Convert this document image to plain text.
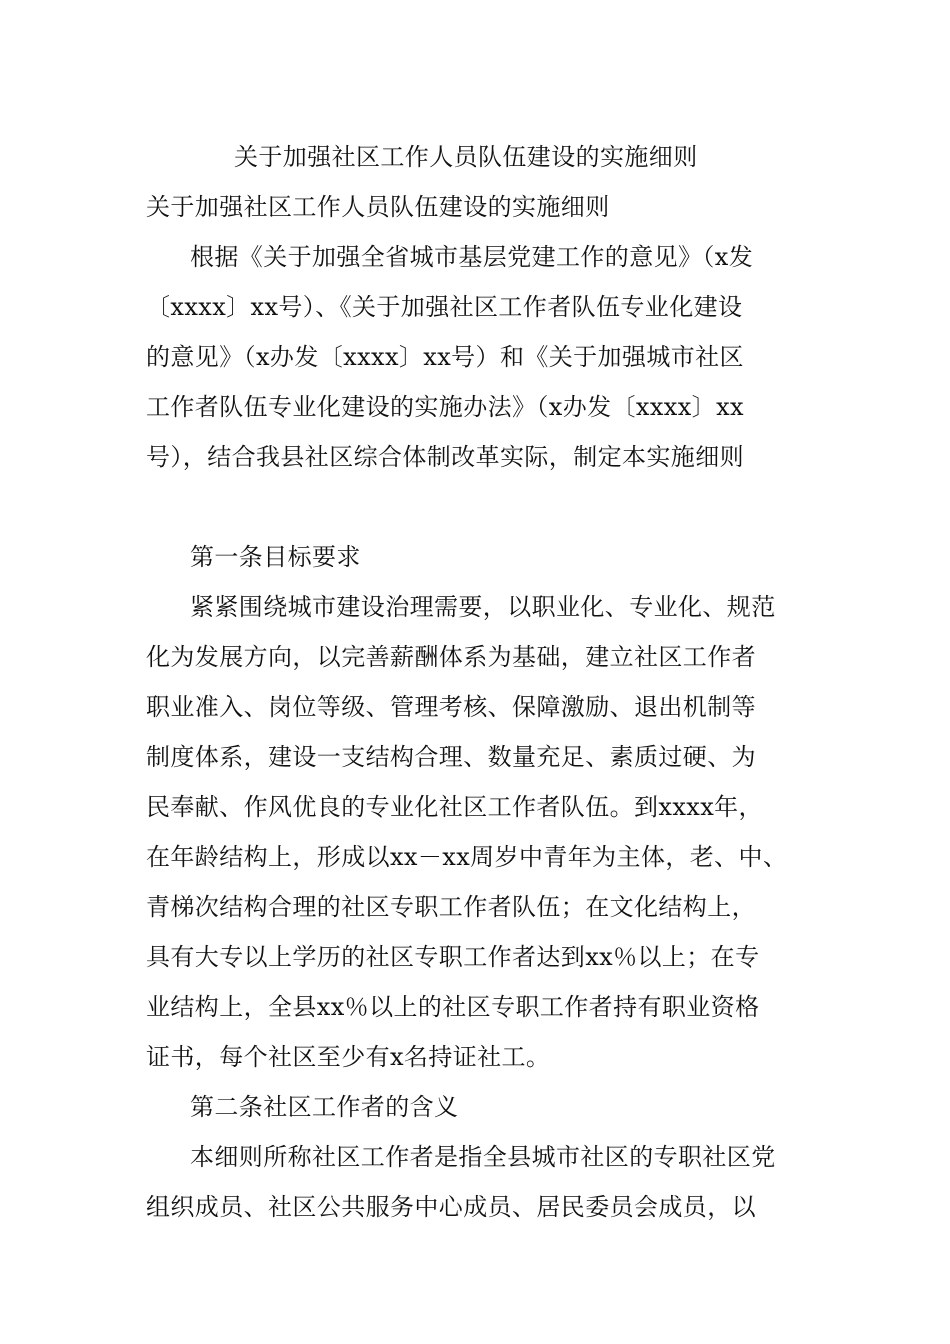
关于加强社区工作人员队伍建设的实施细则
关于加强社区工作人员队伍建设的实施细则
根据《关于加强全省城市基层党建工作的意见》（x发
〔xxxx〕xx号）、《关于加强社区工作者队伍专业化建设
的意见》（x办发〔xxxx〕xx号）和《关于加强城市社区
工作者队伍专业化建设的实施办法》（x办发〔xxxx〕xx
号），结合我县社区综合体制改革实际，制定本实施细则
第一条目标要求
紧紧围绕城市建设治理需要，以职业化、专业化、规范
化为发展方向，以完善薪酬体系为基础，建立社区工作者
职业准入、岗位等级、管理考核、保障激励、退出机制等
制度体系，建设一支结构合理、数量充足、素质过硬、为
民奉献、作风优良的专业化社区工作者队伍。到xxxx年，
在年龄结构上，形成以xx－xx周岁中青年为主体，老、中、
青梯次结构合理的社区专职工作者队伍；在文化结构上，
具有大专以上学历的社区专职工作者达到xx％以上；在专
业结构上，全县xx％以上的社区专职工作者持有职业资格
证书，每个社区至少有x名持证社工。
第二条社区工作者的含义
本细则所称社区工作者是指全县城市社区的专职社区党
组织成员、社区公共服务中心成员、居民委员会成员，以
